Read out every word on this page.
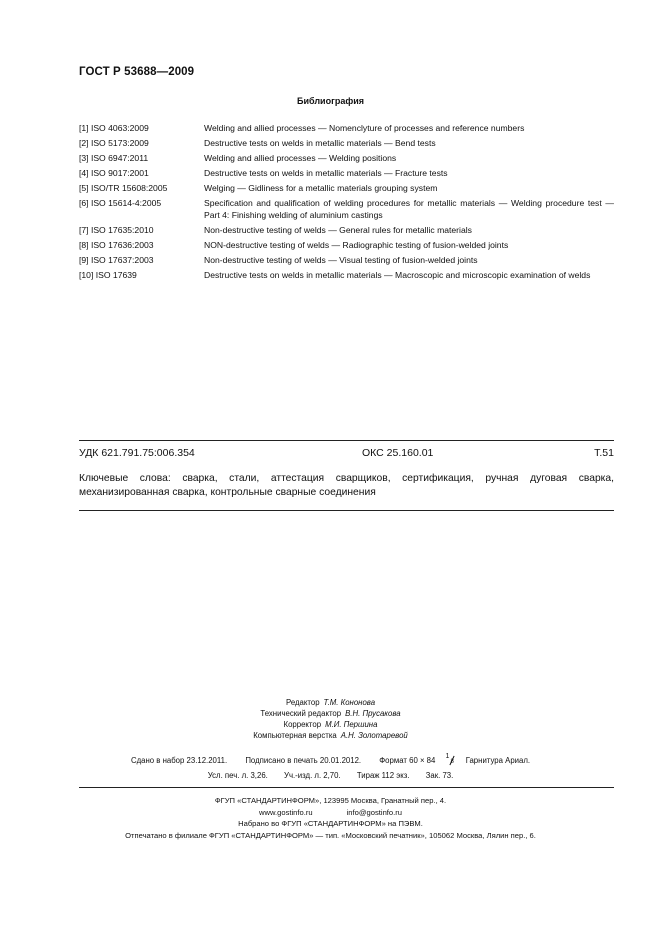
ГОСТ Р 53688—2009
Библиография
[1] ISO 4063:2009	Welding and allied processes — Nomenclуture of processes and reference numbers
[2] ISO 5173:2009	Destructive tests on welds in metallic materials — Bend tests
[3] ISO 6947:2011	Welding and allied processes — Welding positions
[4] ISO 9017:2001	Destructive tests on welds in metallic materials — Fracture tests
[5] ISO/TR 15608:2005	Welging — Gidliness for a metallic materials grouping system
[6] ISO 15614-4:2005	Specification and qualification of welding procedures for metallic materials — Welding procedure test — Part 4: Finishing welding of aluminium castings
[7] ISO 17635:2010	Non-destructive testing of welds — General rules for metallic materials
[8] ISO 17636:2003	NON-destructive testing of welds — Radiographic testing of fusion-welded joints
[9] ISO 17637:2003	Non-destructive testing of welds — Visual testing of fusion-welded joints
[10] ISO 17639	Destructive tests on welds in metallic materials — Macroscopic and microscopic examination of welds
УДК 621.791.75:006.354	ОКС 25.160.01	Т.51
Ключевые слова: сварка, стали, аттестация сварщиков, сертификация, ручная дуговая сварка, механизированная сварка, контрольные сварные соединения
Редактор Т.М. Кононова
Технический редактор В.Н. Прусакова
Корректор М.И. Першина
Компьютерная верстка А.Н. Золотаревой
Сдано в набор 23.12.2011. Подписано в печать 20.01.2012. Формат 60 × 84 1
8 Гарнитура Ариал.
Усл. печ. л. 3,26. Уч.-изд. л. 2,70. Тираж 112 экз. Зак. 73.
ФГУП «СТАНДАРТИНФОРМ», 123995 Москва, Гранатный пер., 4.
www.gostinfo.ru	info@gostinfo.ru
Набрано во ФГУП «СТАНДАРТИНФОРМ» на ПЭВМ.
Отпечатано в филиале ФГУП «СТАНДАРТИНФОРМ» — тип. «Московский печатник», 105062 Москва, Лялин пер., 6.
